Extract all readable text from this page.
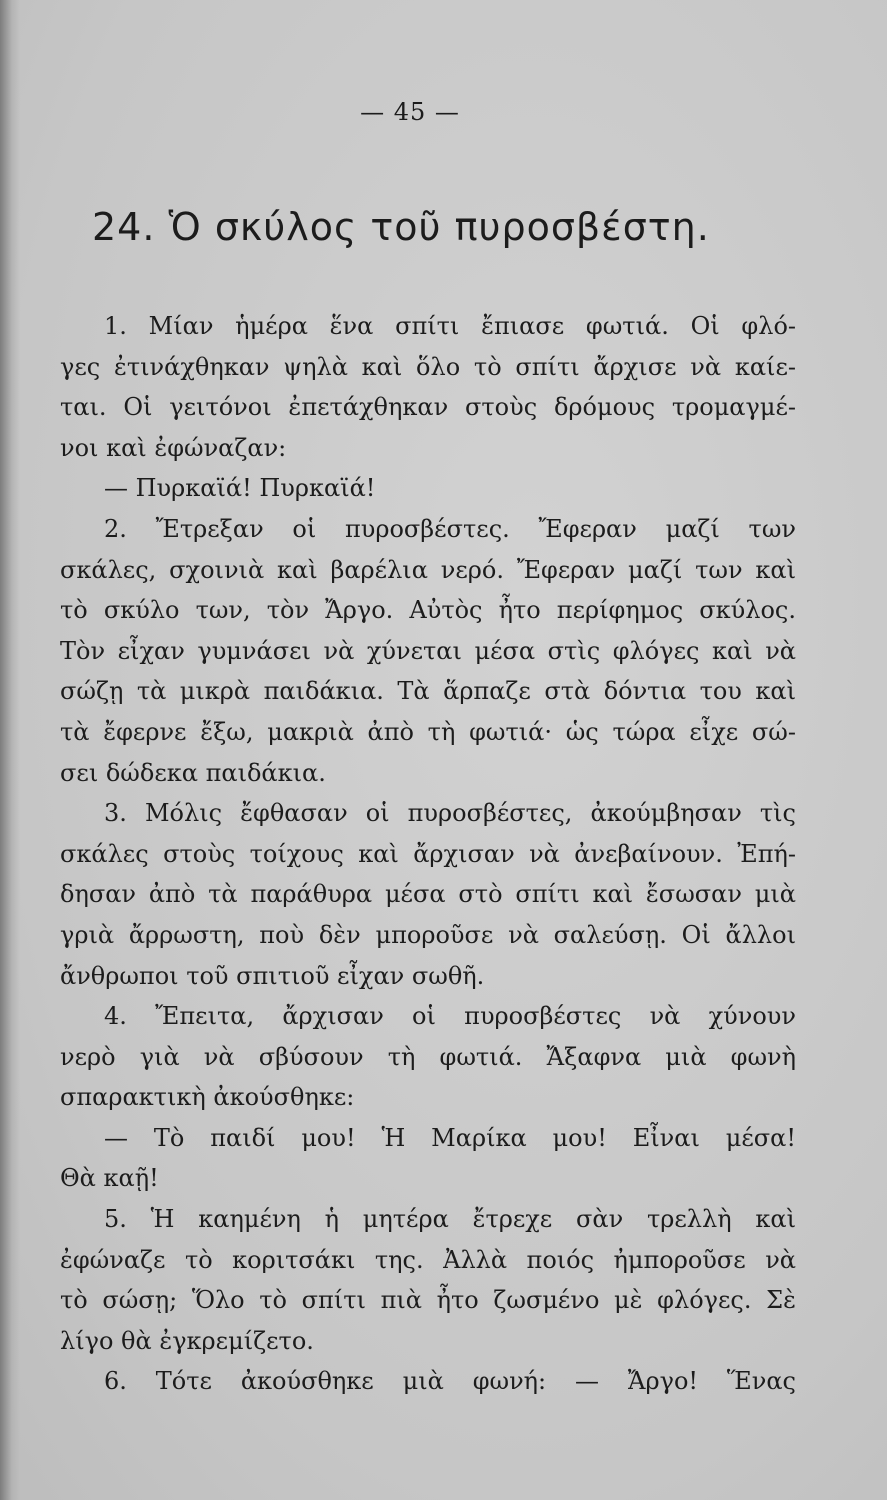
— 45 —
24. Ὁ σκύλος τοῦ πυροσβέστη.
1. Μίαν ἡμέρα ἕνα σπίτι ἔπιασε φωτιά. Οἱ φλό-
γες ἐτινάχθηκαν ψηλὰ καὶ ὅλο τὸ σπίτι ἄρχισε νὰ καίε-
ται. Οἱ γειτόνοι ἐπετάχθηκαν στοὺς δρόμους τρομαγμέ-
νοι καὶ ἐφώναζαν:
— Πυρκαϊά! Πυρκαϊά!
2. Ἔτρεξαν οἱ πυροσβέστες. Ἔφεραν μαζί των
σκάλες, σχοινιὰ καὶ βαρέλια νερό. Ἔφεραν μαζί των καὶ
τὸ σκύλο των, τὸν Ἄργο. Αὐτὸς ἦτο περίφημος σκύλος.
Τὸν εἶχαν γυμνάσει νὰ χύνεται μέσα στὶς φλόγες καὶ νὰ
σώζῃ τὰ μικρὰ παιδάκια. Τὰ ἅρπαζε στὰ δόντια του καὶ
τὰ ἔφερνε ἔξω, μακριὰ ἀπὸ τὴ φωτιά· ὡς τώρα εἶχε σώ-
σει δώδεκα παιδάκια.
3. Μόλις ἔφθασαν οἱ πυροσβέστες, ἀκούμβησαν τὶς
σκάλες στοὺς τοίχους καὶ ἄρχισαν νὰ ἀνεβαίνουν. Ἐπή-
δησαν ἀπὸ τὰ παράθυρα μέσα στὸ σπίτι καὶ ἔσωσαν μιὰ
γριὰ ἄρρωστη, ποὺ δὲν μποροῦσε νὰ σαλεύσῃ. Οἱ ἄλλοι
ἄνθρωποι τοῦ σπιτιοῦ εἶχαν σωθῆ.
4. Ἔπειτα, ἄρχισαν οἱ πυροσβέστες νὰ χύνουν
νερὸ γιὰ νὰ σβύσουν τὴ φωτιά. Ἄξαφνα μιὰ φωνὴ
σπαρακτικὴ ἀκούσθηκε:
— Τὸ παιδί μου! Ἡ Μαρίκα μου! Εἶναι μέσα!
Θὰ καῇ!
5. Ἡ καημένη ἡ μητέρα ἔτρεχε σὰν τρελλὴ καὶ
ἐφώναζε τὸ κοριτσάκι της. Ἀλλὰ ποιός ἠμποροῦσε νὰ
τὸ σώσῃ; Ὅλο τὸ σπίτι πιὰ ἦτο ζωσμένο μὲ φλόγες. Σὲ
λίγο θὰ ἐγκρεμίζετο.
6. Τότε ἀκούσθηκε μιὰ φωνή: — Ἄργο! Ἕνας
